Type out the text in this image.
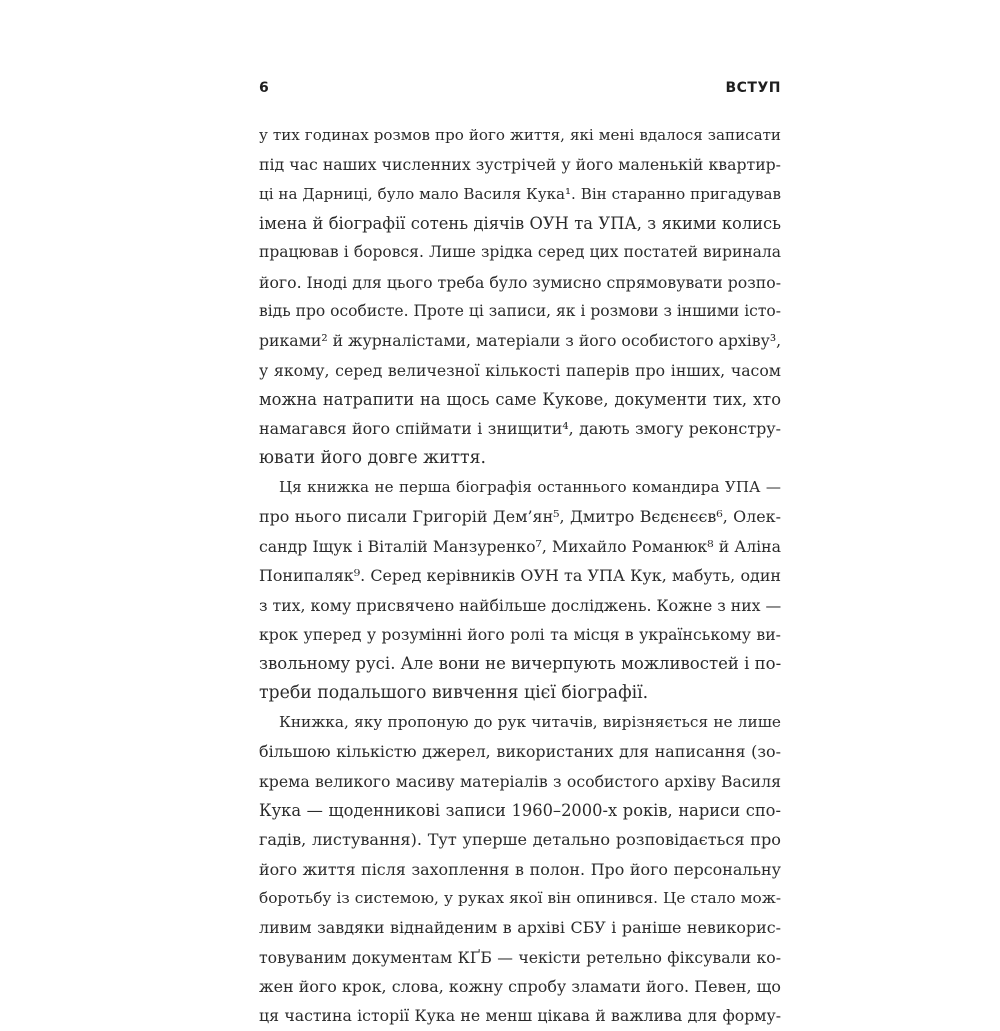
6	ВСТУП
у тих годинах розмов про його життя, які мені вдалося записати
під час наших численних зустрічей у його маленькій квартир-
ці на Дарниці, було мало Василя Кука¹. Він старанно пригадував
імена й біографії сотень діячів ОУН та УПА, з якими колись
працював і боровся. Лише зрідка серед цих постатей виринала
його. Іноді для цього треба було зумисно спрямовувати розпо-
відь про особисте. Проте ці записи, як і розмови з іншими істо-
риками² й журналістами, матеріали з його особистого архіву³,
у якому, серед величезної кількості паперів про інших, часом
можна натрапити на щось саме Кукове, документи тих, хто
намагався його спіймати і знищити⁴, дають змогу реконстру-
ювати його довге життя.
Ця книжка не перша біографія останнього командира УПА —
про нього писали Григорій Дем’ян⁵, Дмитро Вєдєнєєв⁶, Олек-
сандр Іщук і Віталій Манзуренко⁷, Михайло Романюк⁸ й Аліна
Понипаляк⁹. Серед керівників ОУН та УПА Кук, мабуть, один
з тих, кому присвячено найбільше досліджень. Кожне з них —
крок уперед у розумінні його ролі та місця в українському ви-
звольному русі. Але вони не вичерпують можливостей і по-
треби подальшого вивчення цієї біографії.
Книжка, яку пропоную до рук читачів, вирізняється не лише
більшою кількістю джерел, використаних для написання (зо-
крема великого масиву матеріалів з особистого архіву Василя
Кука — щоденникові записи 1960–2000-х років, нариси спо-
гадів, листування). Тут уперше детально розповідається про
його життя після захоплення в полон. Про його персональну
боротьбу із системою, у руках якої він опинився. Це стало мож-
ливим завдяки віднайденим в архіві СБУ і раніше невикорис-
товуваним документам КҐБ — чекісти ретельно фіксували ко-
жен його крок, слова, кожну спробу зламати його. Певен, що
ця частина історії Кука не менш цікава й важлива для форму-
